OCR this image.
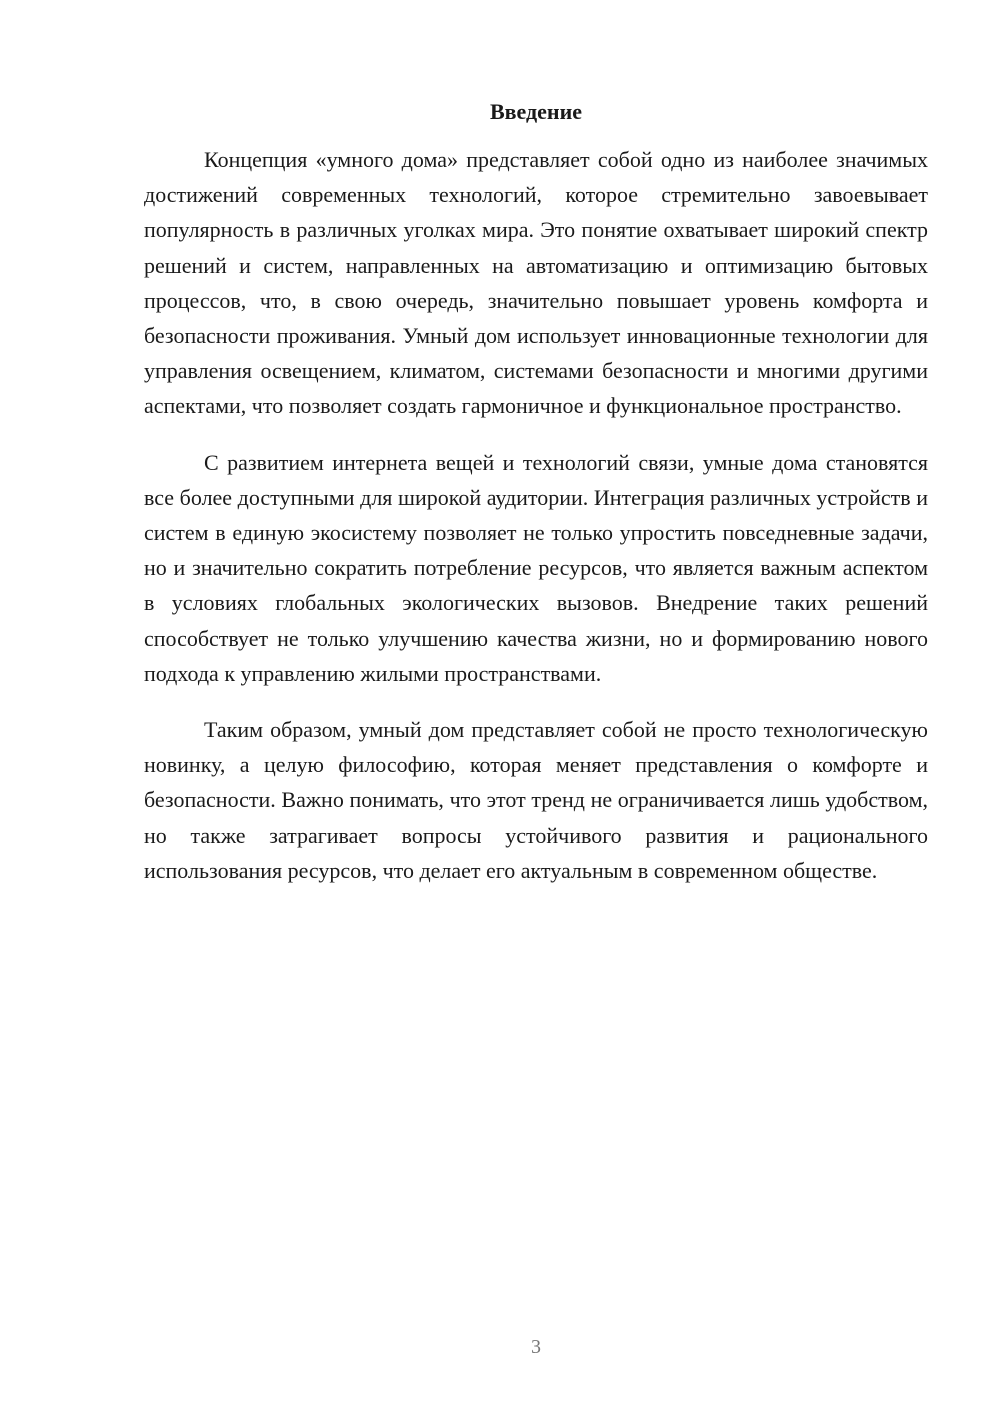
Введение

Концепция «умного дома» представляет собой одно из наиболее значимых достижений современных технологий, которое стремительно завоевывает популярность в различных уголках мира. Это понятие охватывает широкий спектр решений и систем, направленных на автоматизацию и оптимизацию бытовых процессов, что, в свою очередь, значительно повышает уровень комфорта и безопасности проживания. Умный дом использует инновационные технологии для управления освещением, климатом, системами безопасности и многими другими аспектами, что позволяет создать гармоничное и функциональное пространство.

С развитием интернета вещей и технологий связи, умные дома становятся все более доступными для широкой аудитории. Интеграция различных устройств и систем в единую экосистему позволяет не только упростить повседневные задачи, но и значительно сократить потребление ресурсов, что является важным аспектом в условиях глобальных экологических вызовов. Внедрение таких решений способствует не только улучшению качества жизни, но и формированию нового подхода к управлению жилыми пространствами.

Таким образом, умный дом представляет собой не просто технологическую новинку, а целую философию, которая меняет представления о комфорте и безопасности. Важно понимать, что этот тренд не ограничивается лишь удобством, но также затрагивает вопросы устойчивого развития и рационального использования ресурсов, что делает его актуальным в современном обществе.

3
